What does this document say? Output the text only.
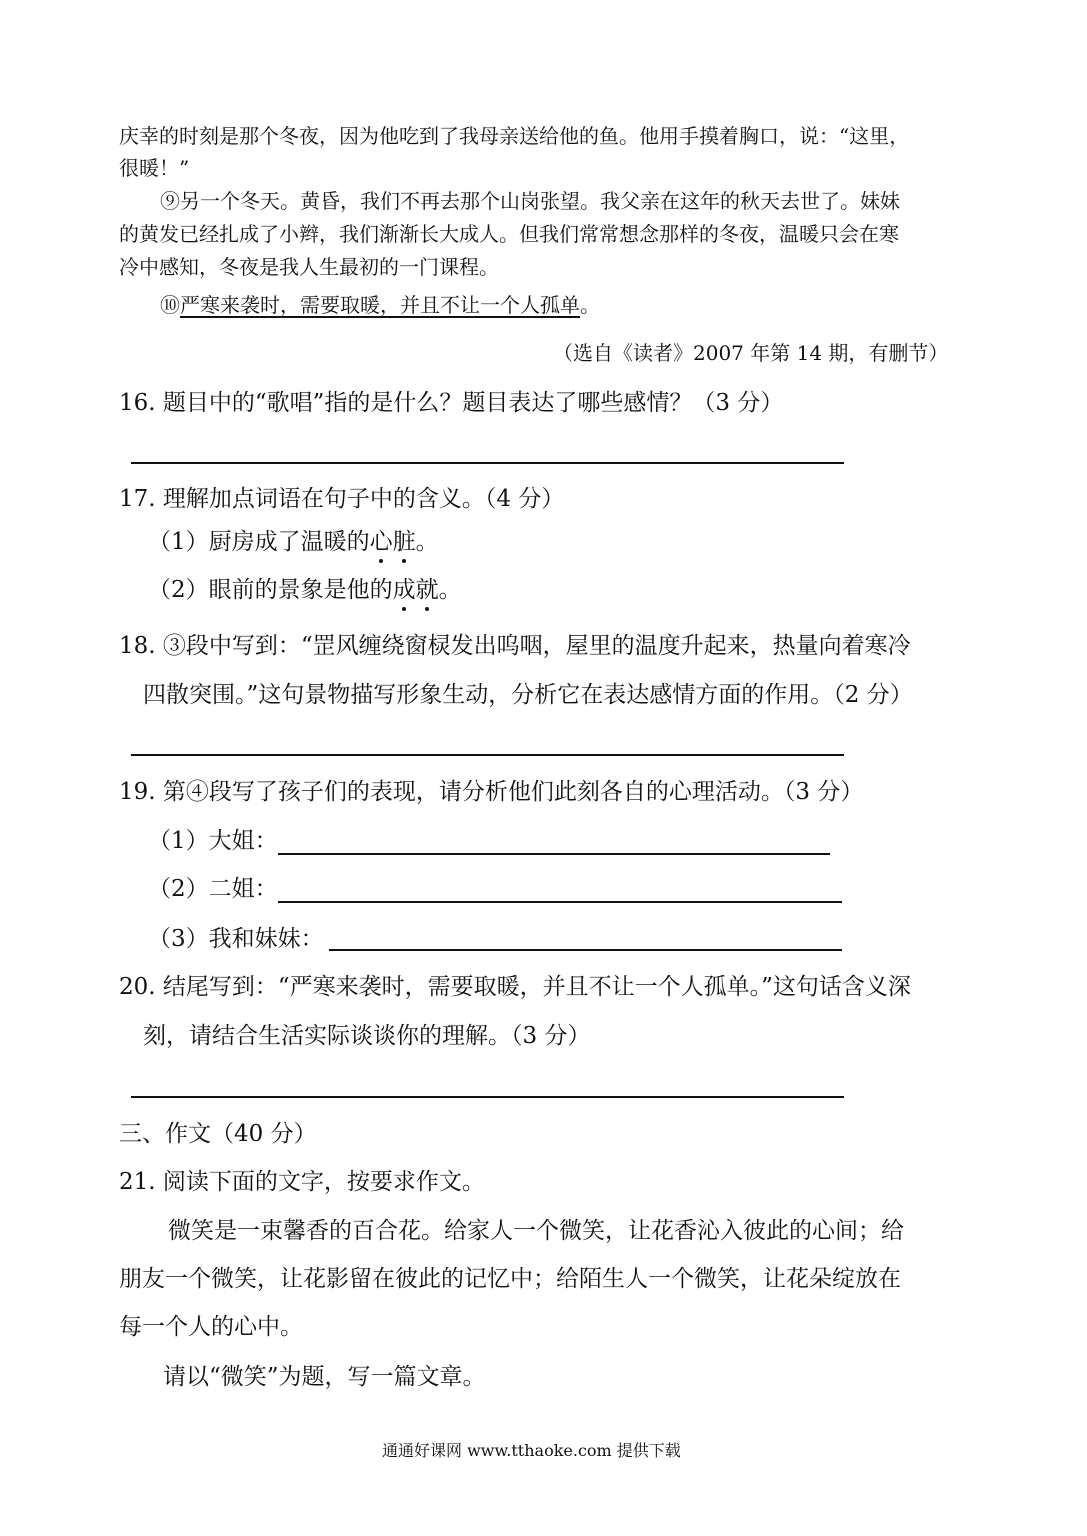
庆幸的时刻是那个冬夜，因为他吃到了我母亲送给他的鱼。他用手摸着胸口，说：“这里，
很暖！”
⑨另一个冬天。黄昏，我们不再去那个山岗张望。我父亲在这年的秋天去世了。妹妹
的黄发已经扎成了小辫，我们渐渐长大成人。但我们常常想念那样的冬夜，温暖只会在寒
冷中感知，冬夜是我人生最初的一门课程。
⑩严寒来袭时，需要取暖，并且不让一个人孤单。
（选自《读者》2007 年第 14 期，有删节）
16. 题目中的“歌唱”指的是什么？题目表达了哪些感情？（3 分）
17. 理解加点词语在句子中的含义。（4 分）
（1）厨房成了温暖的心脏。
（2）眼前的景象是他的成就。
18. ③段中写到：“罡风缠绕窗棂发出呜咽，屋里的温度升起来，热量向着寒冷
四散突围。”这句景物描写形象生动，分析它在表达感情方面的作用。（2 分）
19. 第④段写了孩子们的表现，请分析他们此刻各自的心理活动。（3 分）
（1）大姐：
（2）二姐：
（3）我和妹妹：
20. 结尾写到：“严寒来袭时，需要取暖，并且不让一个人孤单。”这句话含义深
刻，请结合生活实际谈谈你的理解。（3 分）
三、作文（40 分）
21. 阅读下面的文字，按要求作文。
微笑是一束馨香的百合花。给家人一个微笑，让花香沁入彼此的心间；给
朋友一个微笑，让花影留在彼此的记忆中；给陌生人一个微笑，让花朵绽放在
每一个人的心中。
请以“微笑”为题，写一篇文章。
通通好课网 www.tthaoke.com 提供下载
